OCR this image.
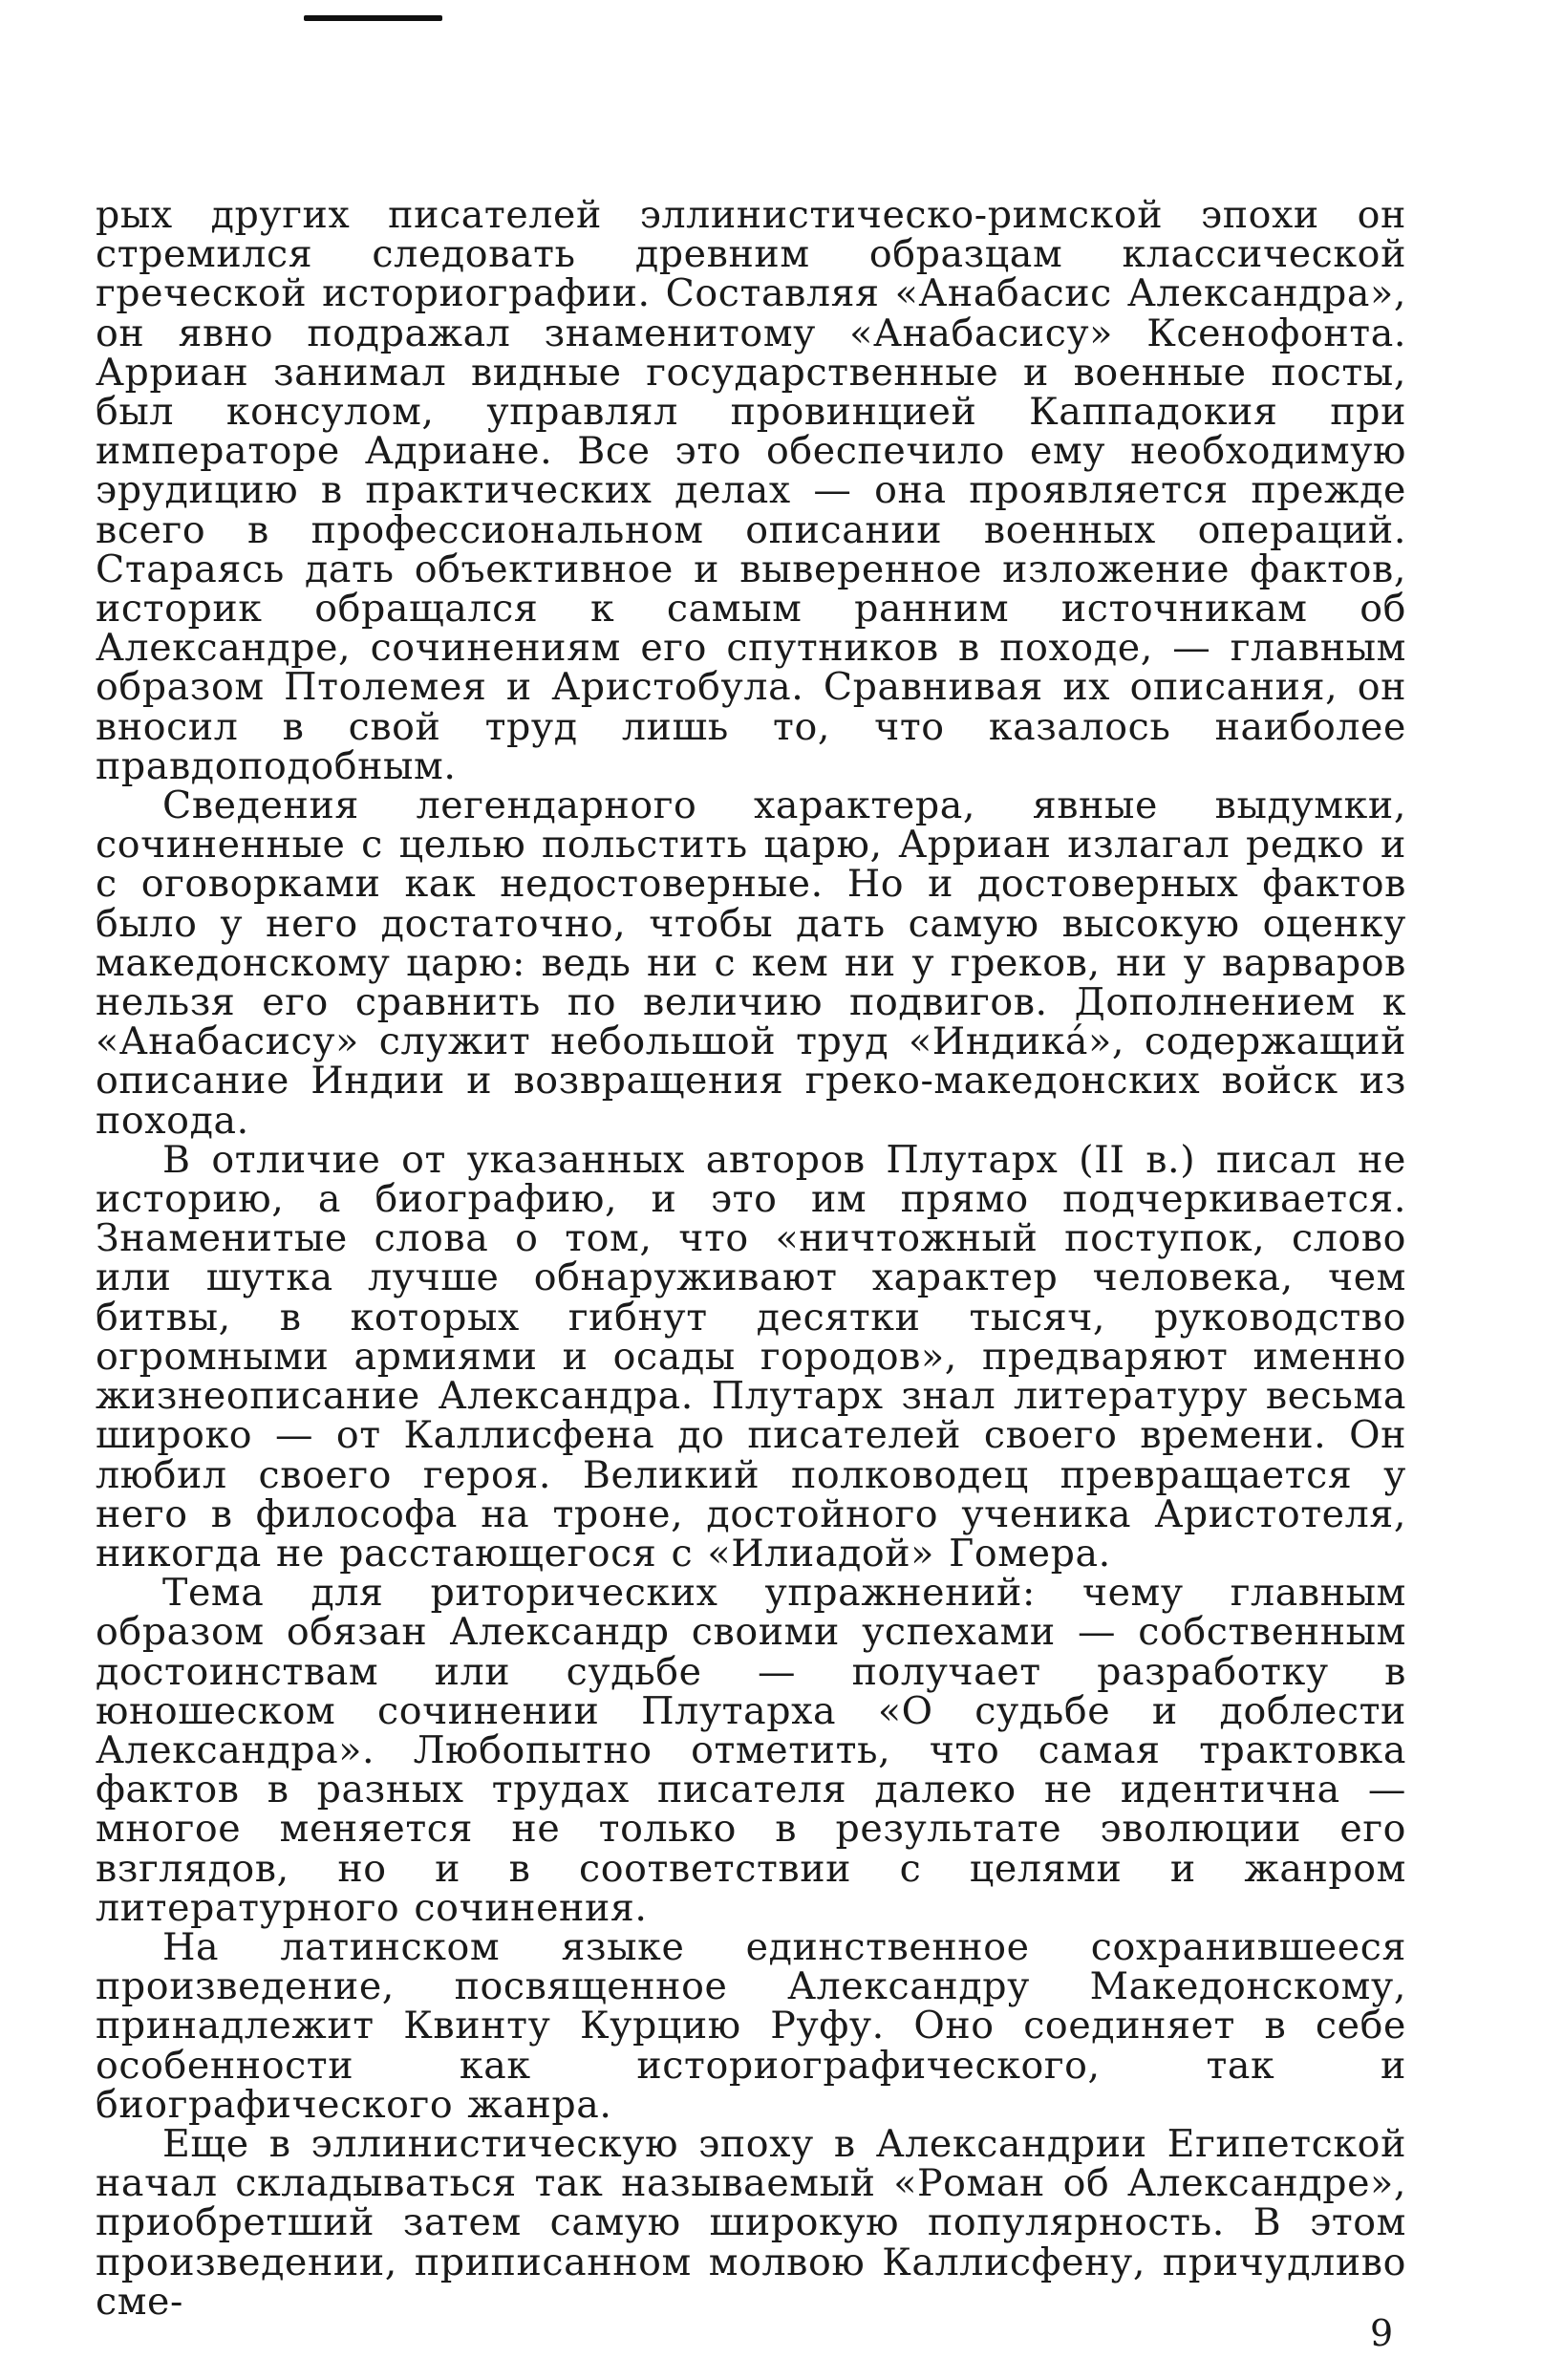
рых других писателей эллинистическо-римской эпохи он стремился следовать древним образцам классической греческой историографии. Составляя «Анабасис Александра», он явно подражал знаменитому «Анабасису» Ксенофонта. Арриан занимал видные государственные и военные посты, был консулом, управлял провинцией Каппадокия при императоре Адриане. Все это обеспечило ему необходимую эрудицию в практических делах — она проявляется прежде всего в профессиональном описании военных операций. Стараясь дать объективное и выверенное изложение фактов, историк обращался к самым ранним источникам об Александре, сочинениям его спутников в походе, — главным образом Птолемея и Аристобула. Сравнивая их описания, он вносил в свой труд лишь то, что казалось наиболее правдоподобным.

Сведения легендарного характера, явные выдумки, сочиненные с целью польстить царю, Арриан излагал редко и с оговорками как недостоверные. Но и достоверных фактов было у него достаточно, чтобы дать самую высокую оценку македонскому царю: ведь ни с кем ни у греков, ни у варваров нельзя его сравнить по величию подвигов. Дополнением к «Анабасису» служит небольшой труд «Индика́», содержащий описание Индии и возвращения греко-македонских войск из похода.

В отличие от указанных авторов Плутарх (II в.) писал не историю, а биографию, и это им прямо подчеркивается. Знаменитые слова о том, что «ничтожный поступок, слово или шутка лучше обнаруживают характер человека, чем битвы, в которых гибнут десятки тысяч, руководство огромными армиями и осады городов», предваряют именно жизнеописание Александра. Плутарх знал литературу весьма широко — от Каллисфена до писателей своего времени. Он любил своего героя. Великий полководец превращается у него в философа на троне, достойного ученика Аристотеля, никогда не расстающегося с «Илиадой» Гомера.

Тема для риторических упражнений: чему главным образом обязан Александр своими успехами — собственным достоинствам или судьбе — получает разработку в юношеском сочинении Плутарха «О судьбе и доблести Александра». Любопытно отметить, что самая трактовка фактов в разных трудах писателя далеко не идентична — многое меняется не только в результате эволюции его взглядов, но и в соответствии с целями и жанром литературного сочинения.

На латинском языке единственное сохранившееся произведение, посвященное Александру Македонскому, принадлежит Квинту Курцию Руфу. Оно соединяет в себе особенности как историографического, так и биографического жанра.

Еще в эллинистическую эпоху в Александрии Египетской начал складываться так называемый «Роман об Александре», приобретший затем самую широкую популярность. В этом произведении, приписанном молвою Каллисфену, причудливо сме-

9
